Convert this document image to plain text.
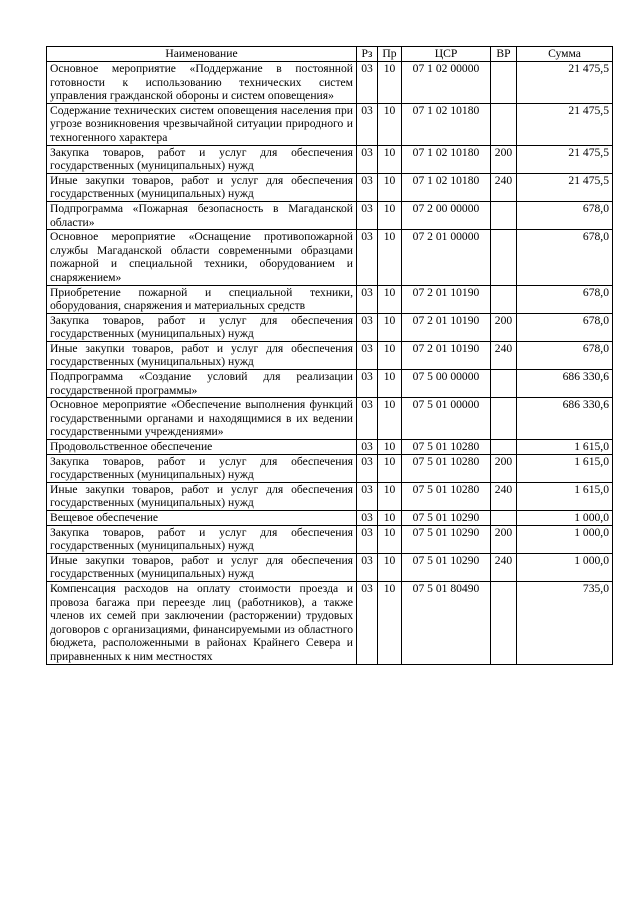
Наименование	Рз	Пр	ЦСР	ВР	Сумма
Основное мероприятие «Поддержание в постоянной готовности к использованию технических систем управления гражданской обороны и систем оповещения»	03	10	07 1 02 00000		21 475,5
Содержание технических систем оповещения населения при угрозе возникновения чрезвычайной ситуации природного и техногенного характера	03	10	07 1 02 10180		21 475,5
Закупка товаров, работ и услуг для обеспечения государственных (муниципальных) нужд	03	10	07 1 02 10180	200	21 475,5
Иные закупки товаров, работ и услуг для обеспечения государственных (муниципальных) нужд	03	10	07 1 02 10180	240	21 475,5
Подпрограмма «Пожарная безопасность в Магаданской области»	03	10	07 2 00 00000		678,0
Основное мероприятие «Оснащение противопожарной службы Магаданской области современными образцами пожарной и специальной техники, оборудованием и снаряжением»	03	10	07 2 01 00000		678,0
Приобретение пожарной и специальной техники, оборудования, снаряжения и материальных средств	03	10	07 2 01 10190		678,0
Закупка товаров, работ и услуг для обеспечения государственных (муниципальных) нужд	03	10	07 2 01 10190	200	678,0
Иные закупки товаров, работ и услуг для обеспечения государственных (муниципальных) нужд	03	10	07 2 01 10190	240	678,0
Подпрограмма «Создание условий для реализации государственной программы»	03	10	07 5 00 00000		686 330,6
Основное мероприятие «Обеспечение выполнения функций государственными органами и находящимися в их ведении государственными учреждениями»	03	10	07 5 01 00000		686 330,6
Продовольственное обеспечение	03	10	07 5 01 10280		1 615,0
Закупка товаров, работ и услуг для обеспечения государственных (муниципальных) нужд	03	10	07 5 01 10280	200	1 615,0
Иные закупки товаров, работ и услуг для обеспечения государственных (муниципальных) нужд	03	10	07 5 01 10280	240	1 615,0
Вещевое обеспечение	03	10	07 5 01 10290		1 000,0
Закупка товаров, работ и услуг для обеспечения государственных (муниципальных) нужд	03	10	07 5 01 10290	200	1 000,0
Иные закупки товаров, работ и услуг для обеспечения государственных (муниципальных) нужд	03	10	07 5 01 10290	240	1 000,0
Компенсация расходов на оплату стоимости проезда и провоза багажа при переезде лиц (работников), а также членов их семей при заключении (расторжении) трудовых договоров с организациями, финансируемыми из областного бюджета, расположенными в районах Крайнего Севера и приравненных к ним местностях	03	10	07 5 01 80490		735,0
